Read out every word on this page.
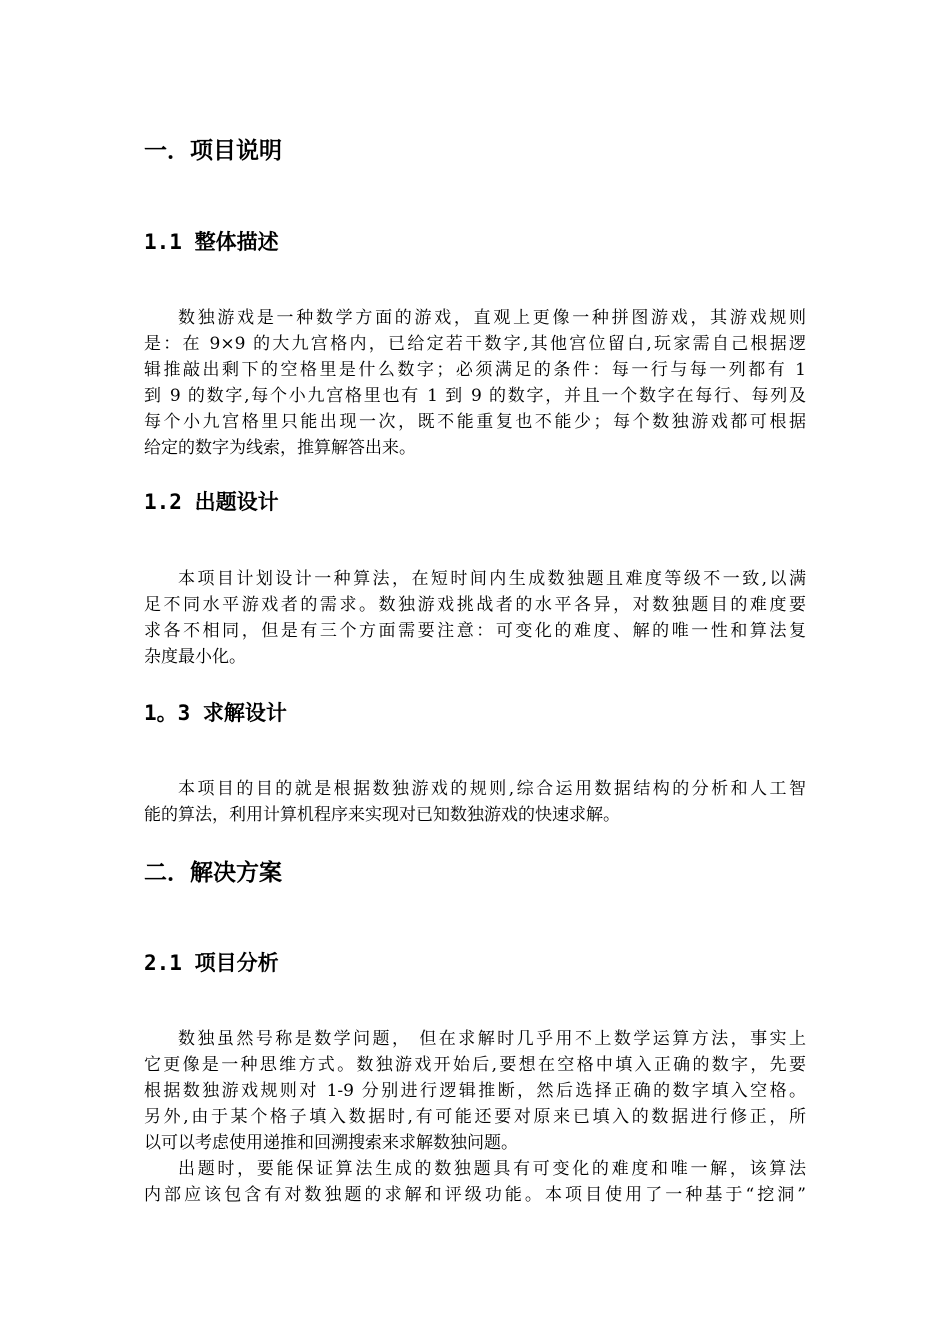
一．项目说明
1.1 整体描述
数独游戏是一种数学方面的游戏，直观上更像一种拼图游戏，其游戏规则
是：在 9×9 的大九宫格内，已给定若干数字,其他宫位留白,玩家需自己根据逻
辑推敲出剩下的空格里是什么数字；必须满足的条件：每一行与每一列都有 1
到 9 的数字,每个小九宫格里也有 1 到 9 的数字，并且一个数字在每行、每列及
每个小九宫格里只能出现一次，既不能重复也不能少；每个数独游戏都可根据
给定的数字为线索，推算解答出来。
1.2 出题设计
本项目计划设计一种算法，在短时间内生成数独题且难度等级不一致,以满
足不同水平游戏者的需求。数独游戏挑战者的水平各异，对数独题目的难度要
求各不相同，但是有三个方面需要注意：可变化的难度、解的唯一性和算法复
杂度最小化。
1。3 求解设计
本项目的目的就是根据数独游戏的规则,综合运用数据结构的分析和人工智
能的算法，利用计算机程序来实现对已知数独游戏的快速求解。
二．解决方案
2.1 项目分析
数独虽然号称是数学问题， 但在求解时几乎用不上数学运算方法，事实上
它更像是一种思维方式。数独游戏开始后,要想在空格中填入正确的数字，先要
根据数独游戏规则对 1-9 分别进行逻辑推断，然后选择正确的数字填入空格。
另外,由于某个格子填入数据时,有可能还要对原来已填入的数据进行修正，所
以可以考虑使用递推和回溯搜索来求解数独问题。
出题时，要能保证算法生成的数独题具有可变化的难度和唯一解，该算法
内部应该包含有对数独题的求解和评级功能。本项目使用了一种基于“挖洞”
